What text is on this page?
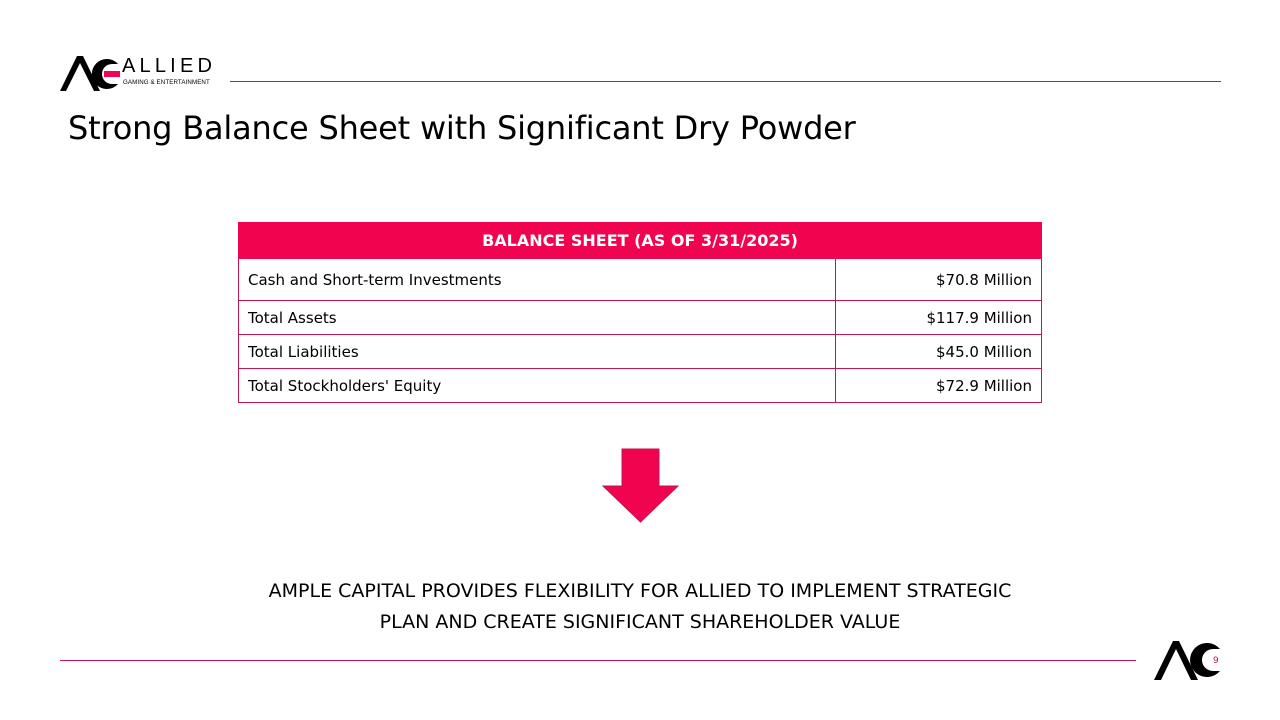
ALLIED
GAMING & ENTERTAINMENT
Strong Balance Sheet with Significant Dry Powder
BALANCE SHEET (AS OF 3/31/2025)	
Cash and Short-term Investments	$70.8 Million
Total Assets	$117.9 Million
Total Liabilities	$45.0 Million
Total Stockholders' Equity	$72.9 Million
AMPLE CAPITAL PROVIDES FLEXIBILITY FOR ALLIED TO IMPLEMENT STRATEGIC
PLAN AND CREATE SIGNIFICANT SHAREHOLDER VALUE
9
